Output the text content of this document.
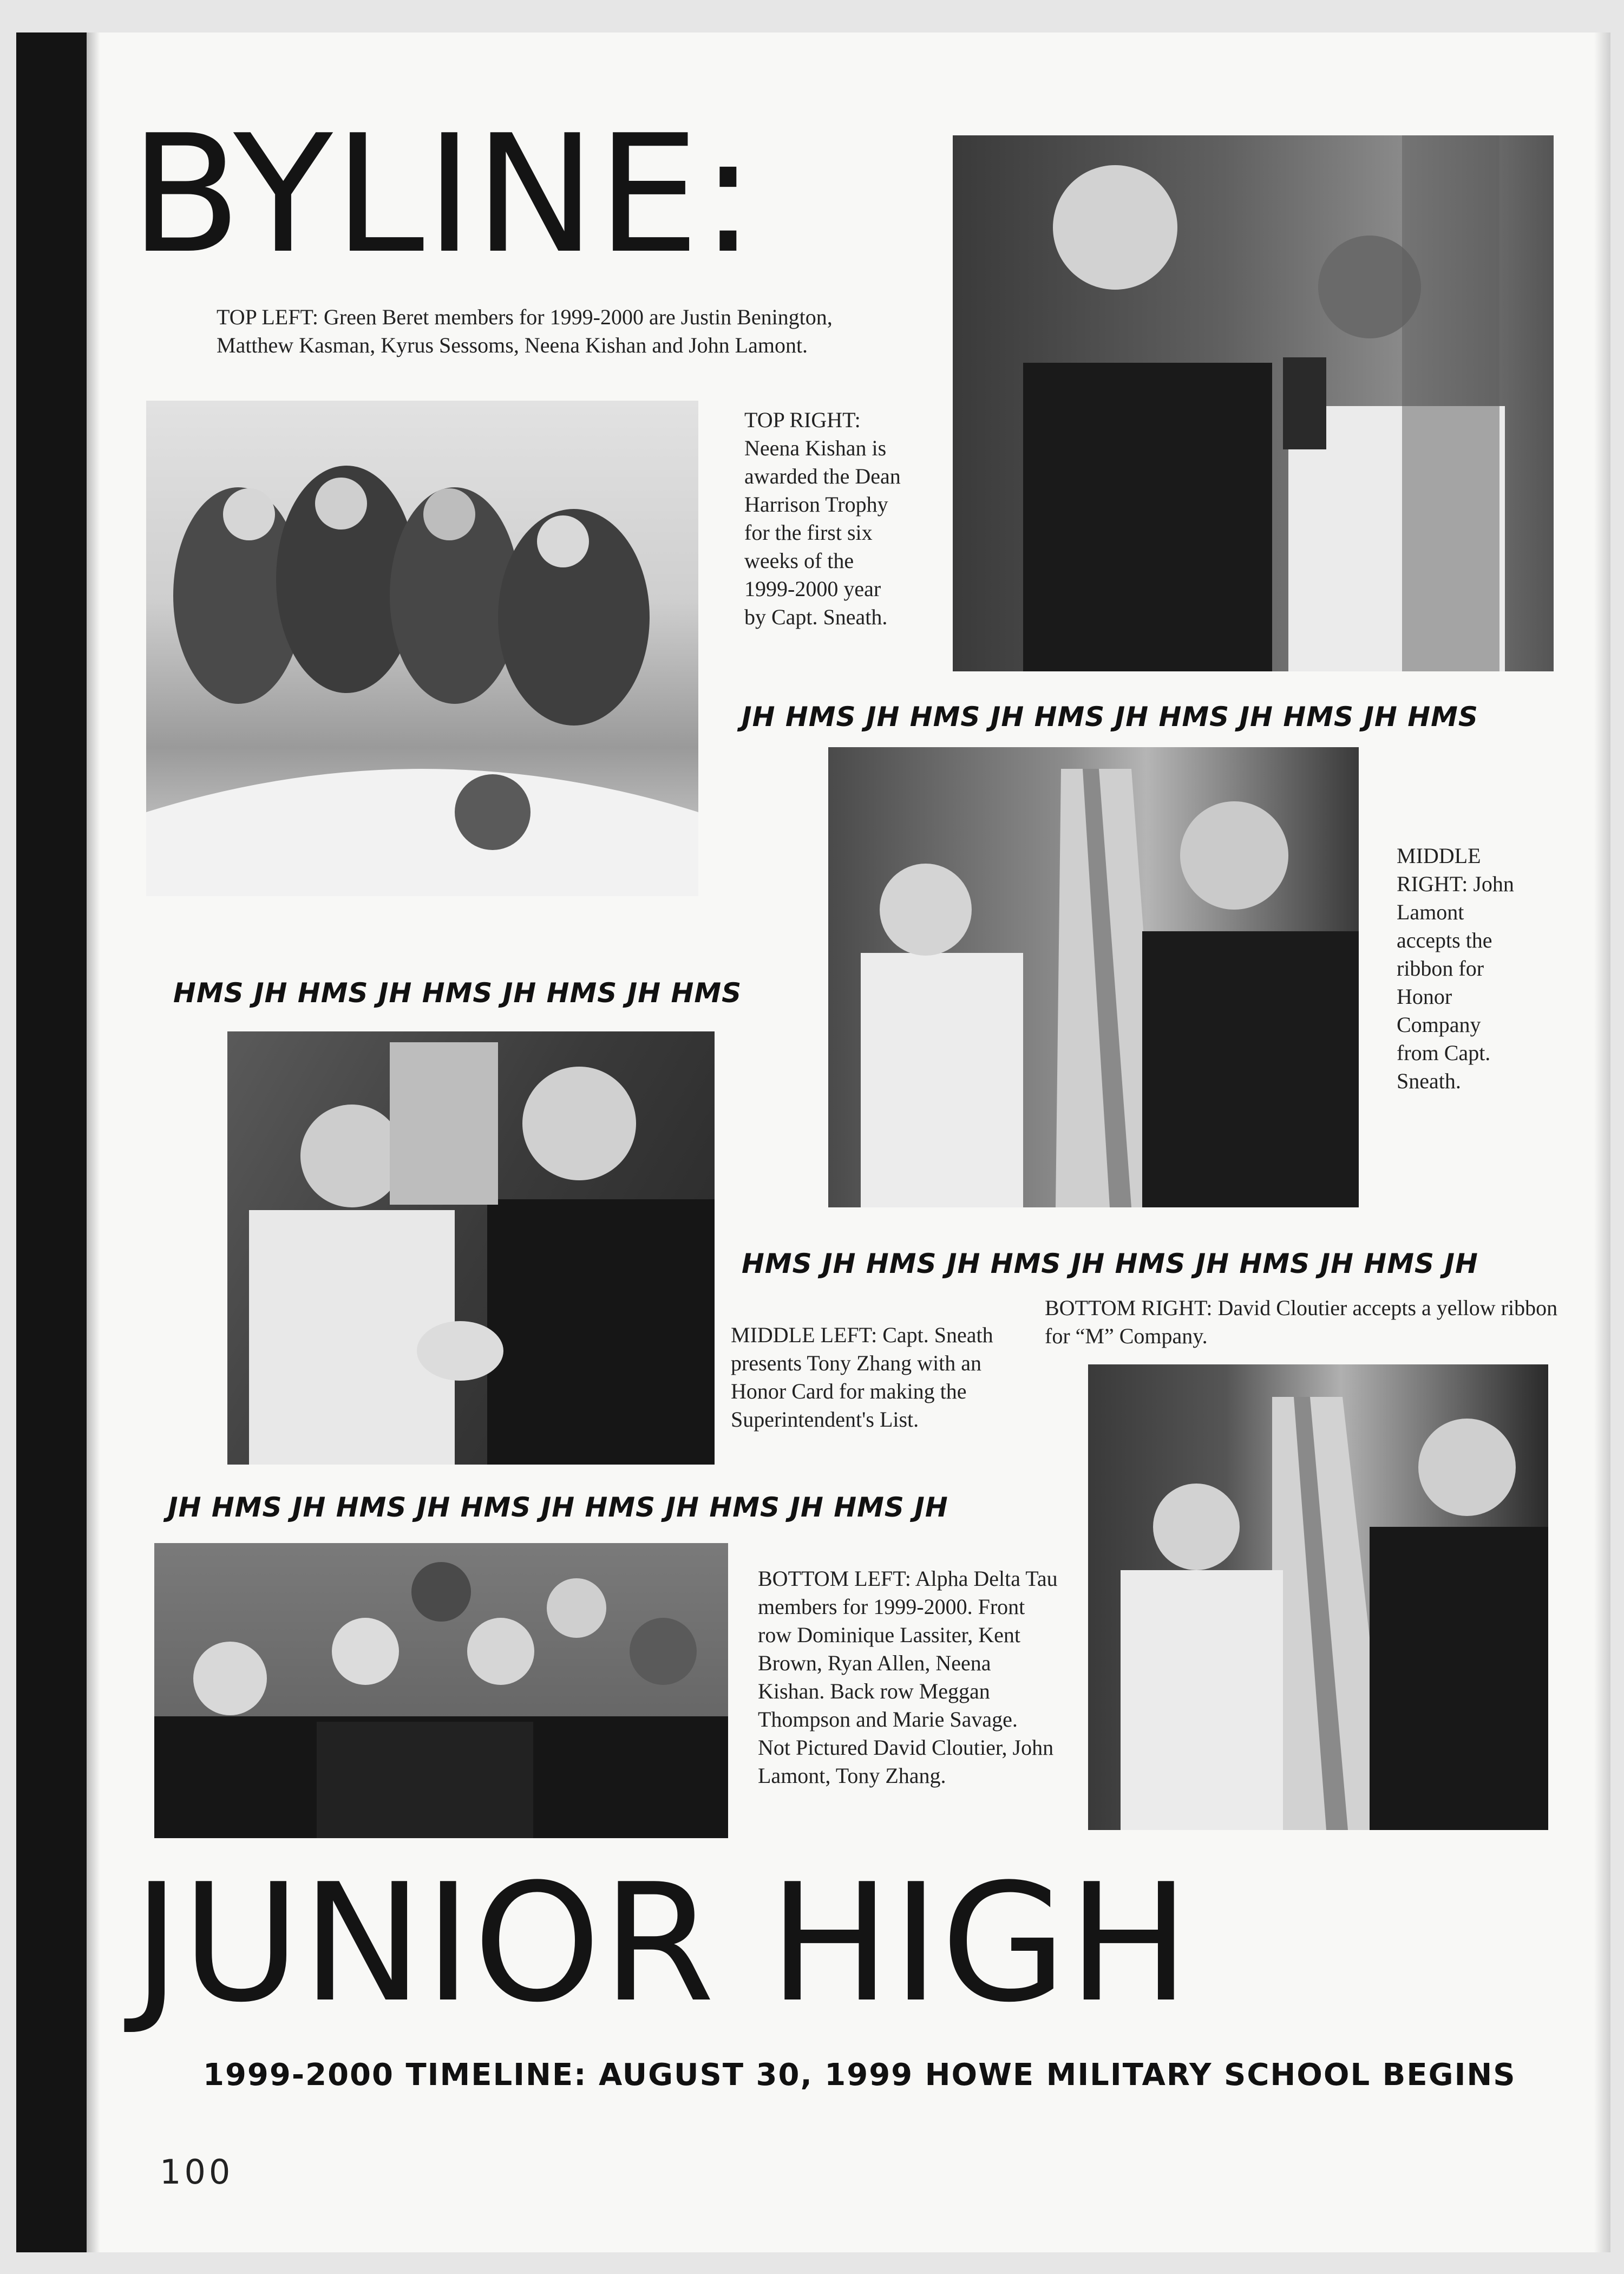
BYLINE:
TOP LEFT: Green Beret members for 1999-2000 are Justin Benington, Matthew Kasman, Kyrus Sessoms, Neena Kishan and John Lamont.
TOP RIGHT: Neena Kishan is awarded the Dean Harrison Trophy for the first six weeks of the 1999-2000 year by Capt. Sneath.
JH HMS JH HMS JH HMS JH HMS JH HMS JH HMS
MIDDLE RIGHT: John Lamont accepts the ribbon for Honor Company from Capt. Sneath.
HMS JH HMS JH HMS JH HMS JH HMS
HMS JH HMS JH HMS JH HMS JH HMS JH HMS JH
BOTTOM RIGHT: David Cloutier accepts a yellow ribbon for “M” Company.
MIDDLE LEFT: Capt. Sneath presents Tony Zhang with an Honor Card for making the Superintendent's List.
JH HMS JH HMS JH HMS JH HMS JH HMS JH HMS JH
BOTTOM LEFT: Alpha Delta Tau members for 1999-2000. Front row Dominique Lassiter, Kent Brown, Ryan Allen, Neena Kishan. Back row Meggan Thompson and Marie Savage.
Not Pictured David Cloutier, John Lamont, Tony Zhang.
JUNIOR HIGH
1999-2000 TIMELINE: AUGUST 30, 1999 HOWE MILITARY SCHOOL BEGINS
100
